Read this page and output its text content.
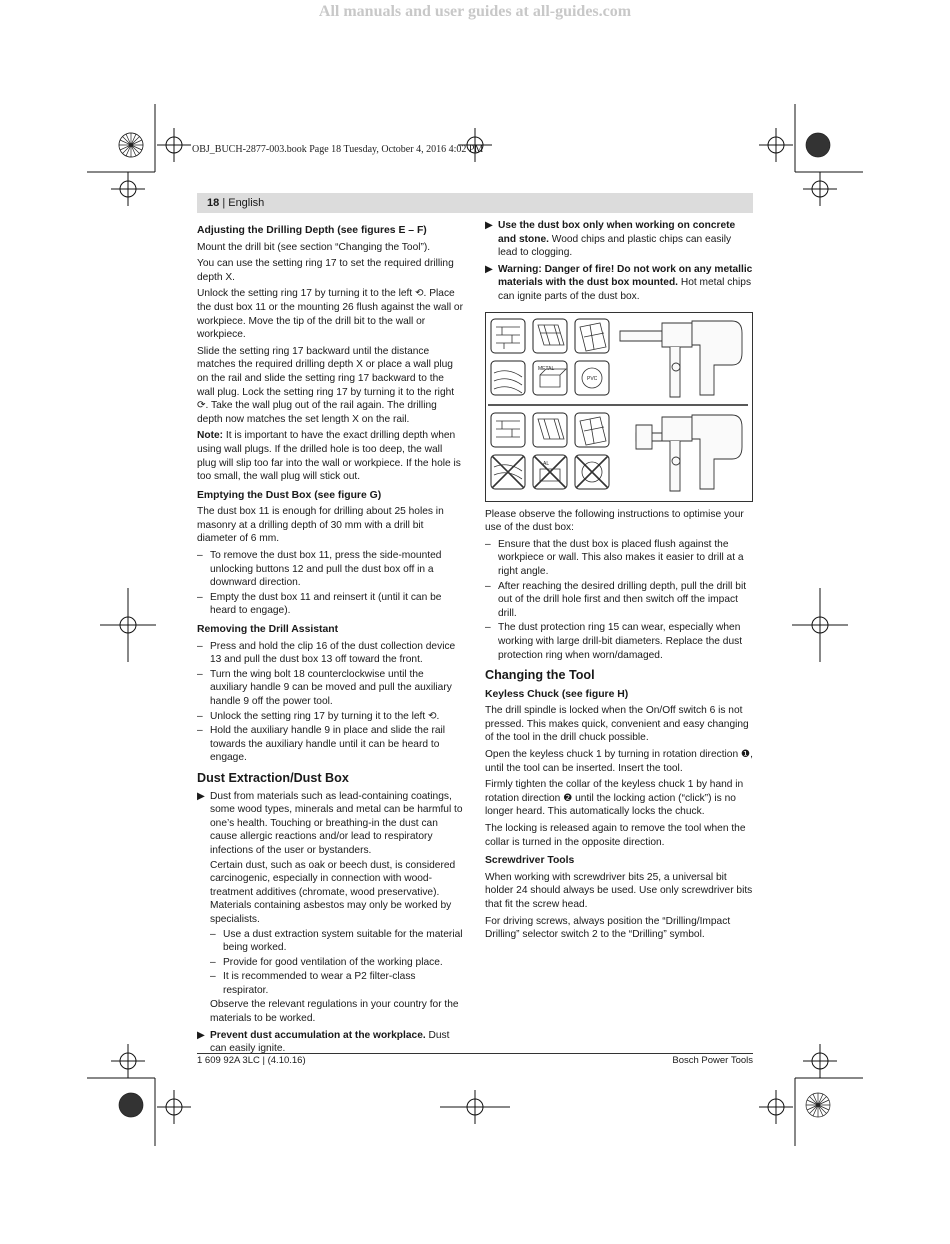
All manuals and user guides at all-guides.com
OBJ_BUCH-2877-003.book Page 18 Tuesday, October 4, 2016 4:02 PM
18 | English
Adjusting the Drilling Depth (see figures E – F)

Mount the drill bit (see section “Changing the Tool”).

You can use the setting ring 17 to set the required drilling depth X.

Unlock the setting ring 17 by turning it to the left ⟲. Place the dust box 11 or the mounting 26 flush against the wall or workpiece. Move the tip of the drill bit to the wall or workpiece.

Slide the setting ring 17 backward until the distance matches the required drilling depth X or place a wall plug on the rail and slide the setting ring 17 backward to the wall plug. Lock the setting ring 17 by turning it to the right ⟳. Take the wall plug out of the rail again. The drilling depth now matches the set length X on the rail.

Note: It is important to have the exact drilling depth when using wall plugs. If the drilled hole is too deep, the wall plug will slip too far into the wall or workpiece. If the hole is too small, the wall plug will stick out.

Emptying the Dust Box (see figure G)

The dust box 11 is enough for drilling about 25 holes in masonry at a drilling depth of 30 mm with a drill bit diameter of 6 mm.

– To remove the dust box 11, press the side-mounted unlocking buttons 12 and pull the dust box off in a downward direction.
– Empty the dust box 11 and reinsert it (until it can be heard to engage).
Removing the Drill Assistant
– Press and hold the clip 16 of the dust collection device 13 and pull the dust box 13 off toward the front.
– Turn the wing bolt 18 counterclockwise until the auxiliary handle 9 can be moved and pull the auxiliary handle 9 off the power tool.
– Unlock the setting ring 17 by turning it to the left ⟲.
– Hold the auxiliary handle 9 in place and slide the rail towards the auxiliary handle until it can be heard to engage.
Dust Extraction/Dust Box
▶ Dust from materials such as lead-containing coatings, some wood types, minerals and metal can be harmful to one’s health. Touching or breathing-in the dust can cause allergic reactions and/or lead to respiratory infections of the user or bystanders.
Certain dust, such as oak or beech dust, is considered carcinogenic, especially in connection with wood-treatment additives (chromate, wood preservative). Materials containing asbestos may only be worked by specialists.
– Use a dust extraction system suitable for the material being worked.
– Provide for good ventilation of the working place.
– It is recommended to wear a P2 filter-class respirator.
Observe the relevant regulations in your country for the materials to be worked.
▶ Prevent dust accumulation at the workplace. Dust can easily ignite.
▶ Use the dust box only when working on concrete and stone. Wood chips and plastic chips can easily lead to clogging.
▶ Warning: Danger of fire! Do not work on any metallic materials with the dust box mounted. Hot metal chips can ignite parts of the dust box.
METAL
PVC
AL

Please observe the following instructions to optimise your use of the dust box:

– Ensure that the dust box is placed flush against the workpiece or wall. This also makes it easier to drill at a right angle.
– After reaching the desired drilling depth, pull the drill bit out of the drill hole first and then switch off the impact drill.
– The dust protection ring 15 can wear, especially when working with large drill-bit diameters. Replace the dust protection ring when worn/damaged.
Changing the Tool
Keyless Chuck (see figure H)

The drill spindle is locked when the On/Off switch 6 is not pressed. This makes quick, convenient and easy changing of the tool in the drill chuck possible.

Open the keyless chuck 1 by turning in rotation direction ❶, until the tool can be inserted. Insert the tool.

Firmly tighten the collar of the keyless chuck 1 by hand in rotation direction ❷ until the locking action (“click”) is no longer heard. This automatically locks the chuck.

The locking is released again to remove the tool when the collar is turned in the opposite direction.

Screwdriver Tools

When working with screwdriver bits 25, a universal bit holder 24 should always be used. Use only screwdriver bits that fit the screw head.

For driving screws, always position the “Drilling/Impact Drilling” selector switch 2 to the “Drilling” symbol.

1 609 92A 3LC | (4.10.16)	Bosch Power Tools
